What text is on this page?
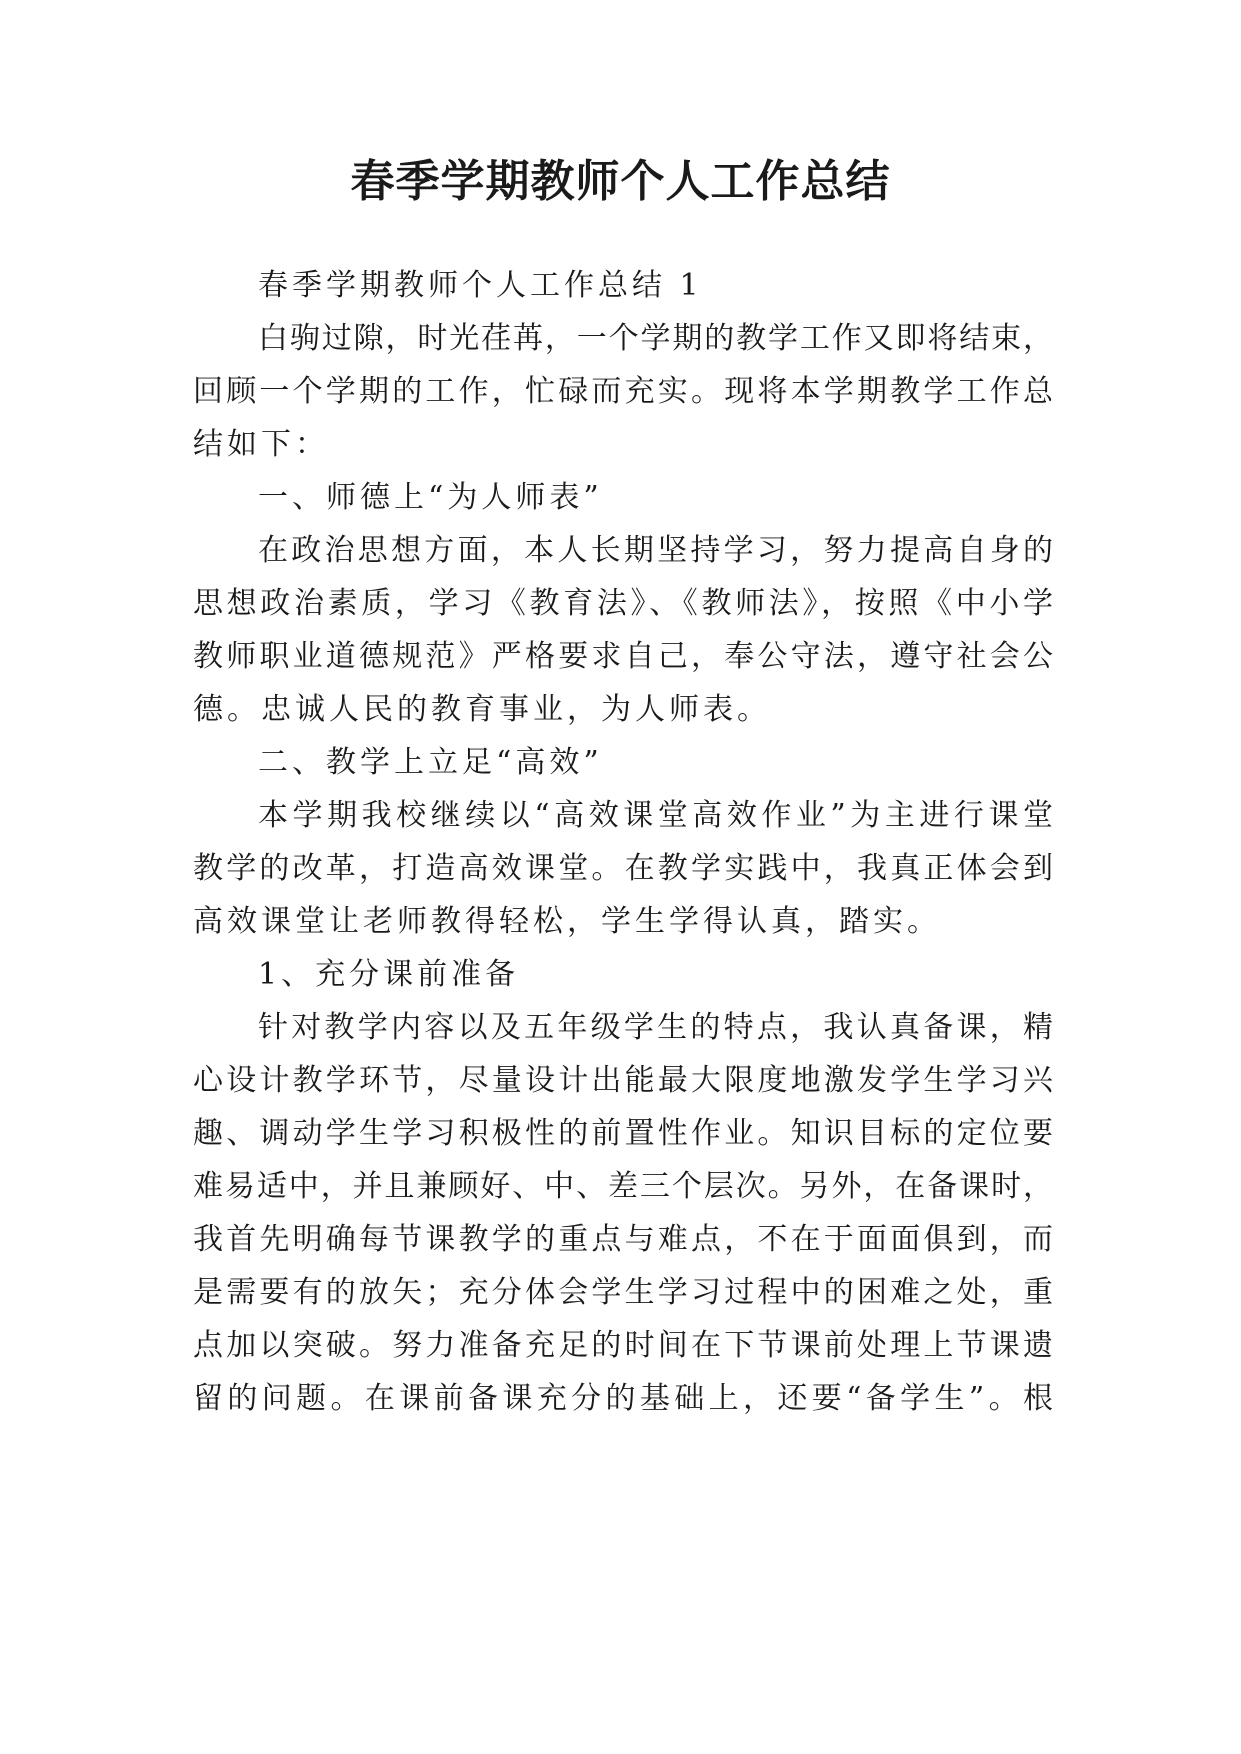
春季学期教师个人工作总结
春季学期教师个人工作总结 1
白驹过隙，时光荏苒，一个学期的教学工作又即将结束，
回顾一个学期的工作，忙碌而充实。现将本学期教学工作总
结如下：
一、师德上“为人师表”
在政治思想方面，本人长期坚持学习，努力提高自身的
思想政治素质，学习《教育法》、《教师法》，按照《中小学
教师职业道德规范》严格要求自己，奉公守法，遵守社会公
德。忠诚人民的教育事业，为人师表。
二、教学上立足“高效”
本学期我校继续以“高效课堂高效作业”为主进行课堂
教学的改革，打造高效课堂。在教学实践中，我真正体会到
高效课堂让老师教得轻松，学生学得认真，踏实。
1、充分课前准备
针对教学内容以及五年级学生的特点，我认真备课，精
心设计教学环节，尽量设计出能最大限度地激发学生学习兴
趣、调动学生学习积极性的前置性作业。知识目标的定位要
难易适中，并且兼顾好、中、差三个层次。另外，在备课时，
我首先明确每节课教学的重点与难点，不在于面面俱到，而
是需要有的放矢；充分体会学生学习过程中的困难之处，重
点加以突破。努力准备充足的时间在下节课前处理上节课遗
留的问题。在课前备课充分的基础上，还要“备学生”。根
